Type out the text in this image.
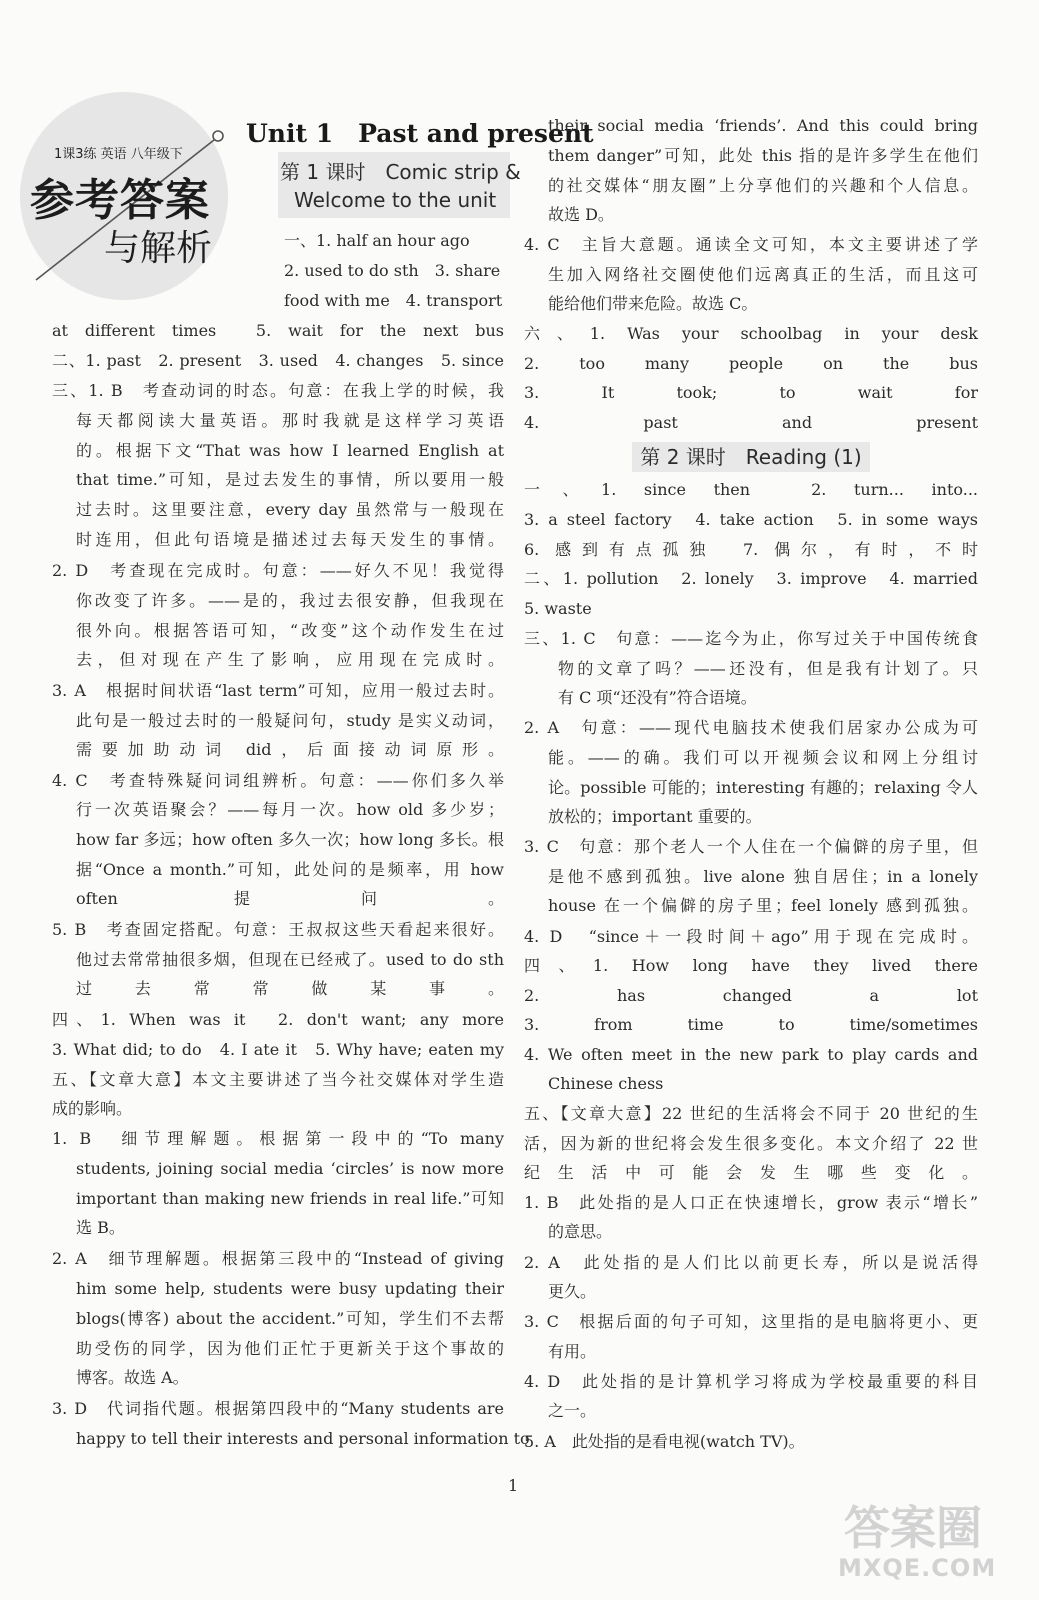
1课3练 英语 八年级下
参考答案
与解析
Unit 1　Past and present
第 1 课时　Comic strip &
Welcome to the unit
第 2 课时　Reading (1)
一、1. half an hour ago
2. used to do sth　3. share
food with me　4. transport
at different times　5. wait for the next bus
二、1. past　2. present　3. used　4. changes　5. since
三、1. B　考查动词的时态。句意：在我上学的时候，我
每天都阅读大量英语。那时我就是这样学习英语
的。根据下文“That was how I learned English at
that time.”可知，是过去发生的事情，所以要用一般
过去时。这里要注意，every day 虽然常与一般现在
时连用，但此句语境是描述过去每天发生的事情。
2. D　考查现在完成时。句意：——好久不见！我觉得
你改变了许多。——是的，我过去很安静，但我现在
很外向。根据答语可知，“改变”这个动作发生在过
去，但对现在产生了影响，应用现在完成时。
3. A　根据时间状语“last term”可知，应用一般过去时。
此句是一般过去时的一般疑问句，study 是实义动词，
需要加助动词 did，后面接动词原形。
4. C　考查特殊疑问词组辨析。句意：——你们多久举
行一次英语聚会？——每月一次。how old 多少岁；
how far 多远；how often 多久一次；how long 多长。根
据“Once a month.”可知，此处问的是频率，用 how
often 提问。
5. B　考查固定搭配。句意：王叔叔这些天看起来很好。
他过去常常抽很多烟，但现在已经戒了。used to do sth
过去常常做某事。
四、1. When was it　2. don't want; any more
3. What did; to do　4. I ate it　5. Why have; eaten my
五、【文章大意】本文主要讲述了当今社交媒体对学生造
成的影响。
1. B　细节理解题。根据第一段中的“To many
students, joining social media ‘circles’ is now more
important than making new friends in real life.”可知
选 B。
2. A　细节理解题。根据第三段中的“Instead of giving
him some help, students were busy updating their
blogs(博客) about the accident.”可知，学生们不去帮
助受伤的同学，因为他们正忙于更新关于这个事故的
博客。故选 A。
3. D　代词指代题。根据第四段中的“Many students are
happy to tell their interests and personal information to
their social media ‘friends’. And this could bring
them danger”可知，此处 this 指的是许多学生在他们
的社交媒体“朋友圈”上分享他们的兴趣和个人信息。
故选 D。
4. C　主旨大意题。通读全文可知，本文主要讲述了学
生加入网络社交圈使他们远离真正的生活，而且这可
能给他们带来危险。故选 C。
六、1. Was your schoolbag in your desk
2. too many people on the bus
3. It took; to wait for
4. past and present
一、1. since then　2. turn... into...
3. a steel factory　4. take action　5. in some ways
6. 感到有点孤独　7. 偶尔，有时，不时
二、1. pollution　2. lonely　3. improve　4. married
5. waste
三、1. C　句意：——迄今为止，你写过关于中国传统食
物的文章了吗？——还没有，但是我有计划了。只
有 C 项“还没有”符合语境。
2. A　句意：——现代电脑技术使我们居家办公成为可
能。——的确。我们可以开视频会议和网上分组讨
论。possible 可能的；interesting 有趣的；relaxing 令人
放松的；important 重要的。
3. C　句意：那个老人一个人住在一个偏僻的房子里，但
是他不感到孤独。live alone 独自居住；in a lonely
house 在一个偏僻的房子里；feel lonely 感到孤独。
4. D　“since＋一段时间＋ago”用于现在完成时。
四、1. How long have they lived there
2. has changed a lot
3. from time to time/sometimes
4. We often meet in the new park to play cards and
Chinese chess
五、【文章大意】22 世纪的生活将会不同于 20 世纪的生
活，因为新的世纪将会发生很多变化。本文介绍了 22 世
纪生活中可能会发生哪些变化。
1. B　此处指的是人口正在快速增长，grow 表示“增长”
的意思。
2. A　此处指的是人们比以前更长寿，所以是说活得
更久。
3. C　根据后面的句子可知，这里指的是电脑将更小、更
有用。
4. D　此处指的是计算机学习将成为学校最重要的科目
之一。
5. A　此处指的是看电视(watch TV)。
1
答案圈
MXQE.COM
